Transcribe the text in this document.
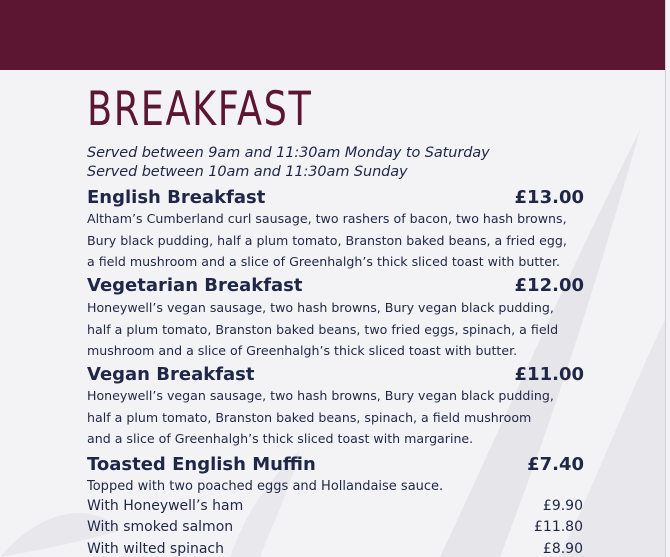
BREAKFAST
Served between 9am and 11:30am Monday to Saturday
Served between 10am and 11:30am Sunday
English Breakfast	£13.00
Altham’s Cumberland curl sausage, two rashers of bacon, two hash browns,
Bury black pudding, half a plum tomato, Branston baked beans, a fried egg,
a field mushroom and a slice of Greenhalgh’s thick sliced toast with butter.
Vegetarian Breakfast	£12.00
Honeywell’s vegan sausage, two hash browns, Bury vegan black pudding,
half a plum tomato, Branston baked beans, two fried eggs, spinach, a field
mushroom and a slice of Greenhalgh’s thick sliced toast with butter.
Vegan Breakfast	£11.00
Honeywell’s vegan sausage, two hash browns, Bury vegan black pudding,
half a plum tomato, Branston baked beans, spinach, a field mushroom
and a slice of Greenhalgh’s thick sliced toast with margarine.
Toasted English Muffin	£7.40
Topped with two poached eggs and Hollandaise sauce.
With Honeywell’s ham	£9.90
With smoked salmon	£11.80
With wilted spinach	£8.90
